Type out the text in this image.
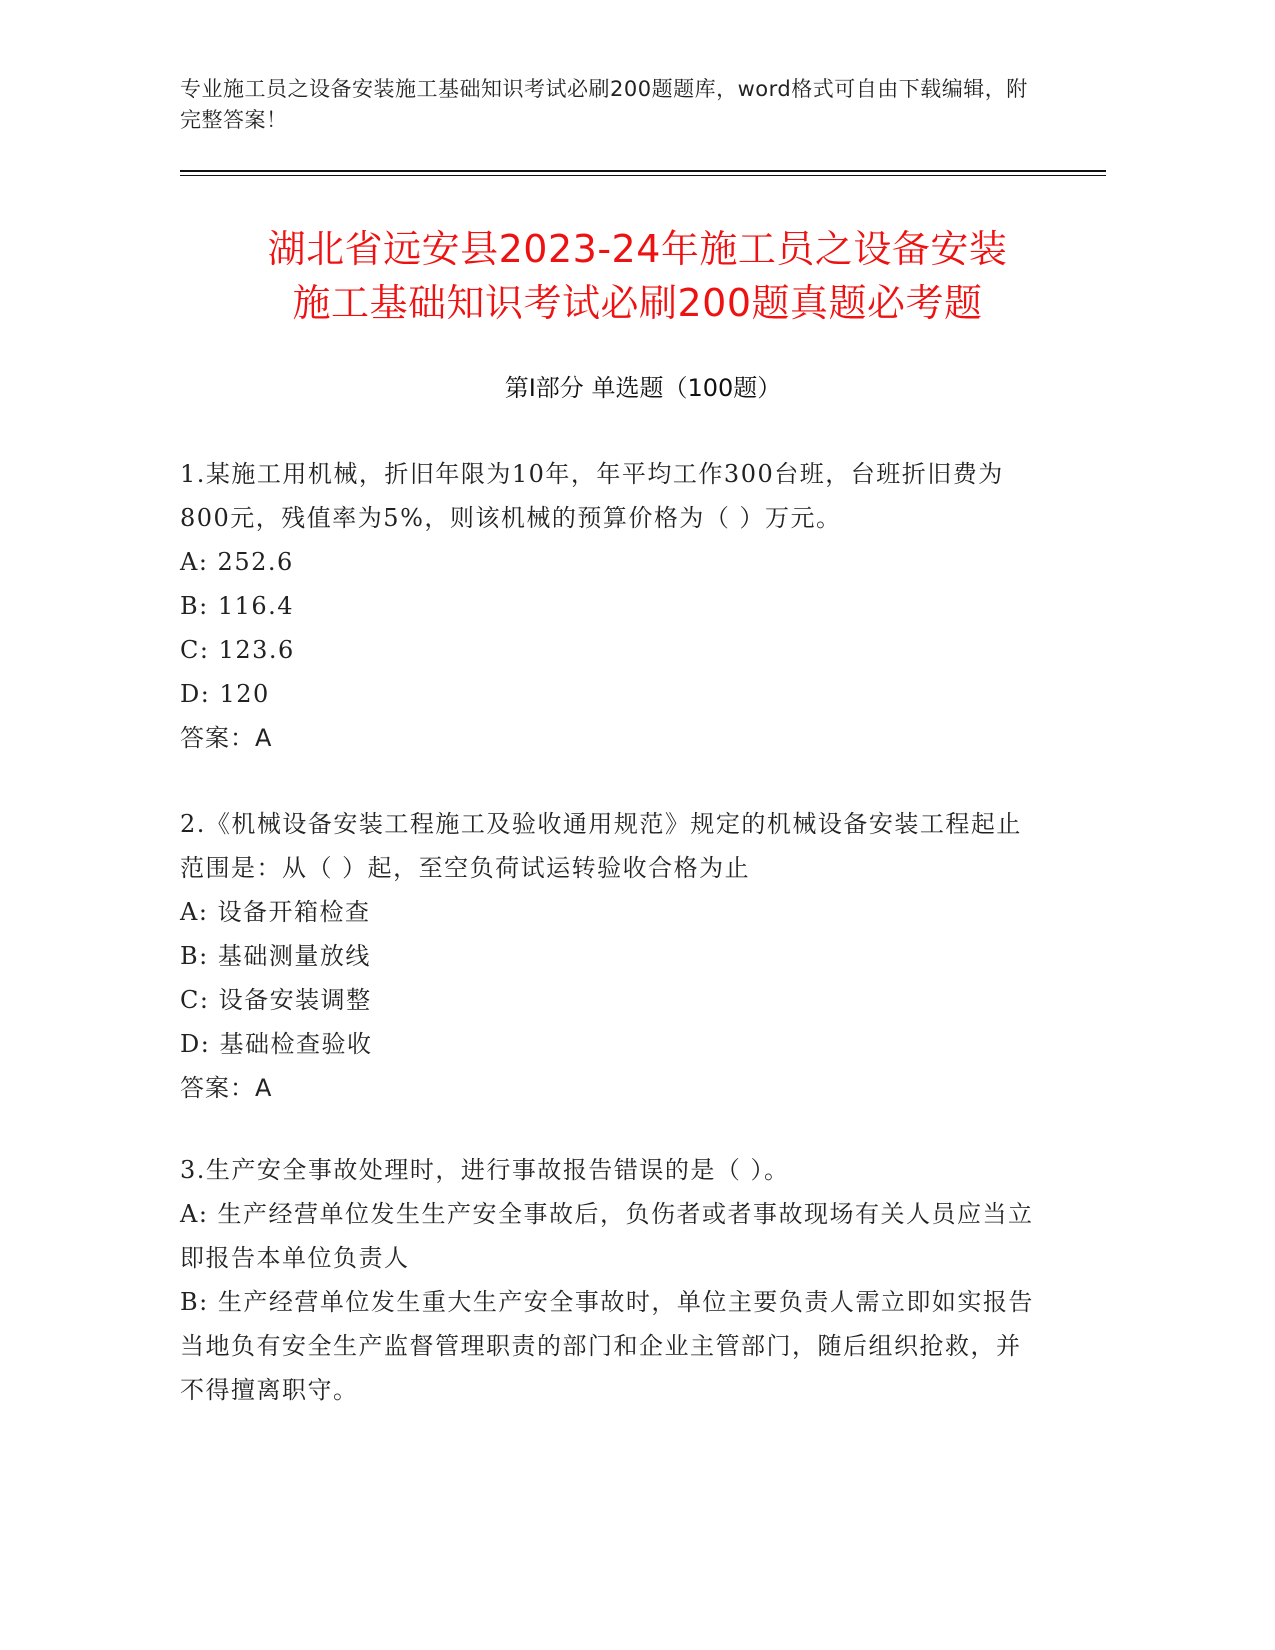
专业施工员之设备安装施工基础知识考试必刷200题题库，word格式可自由下载编辑，附完整答案！
湖北省远安县2023-24年施工员之设备安装
施工基础知识考试必刷200题真题必考题
第Ⅰ部分 单选题（100题）
1.某施工用机械，折旧年限为10年，年平均工作300台班，台班折旧费为800元，残值率为5%，则该机械的预算价格为（ ）万元。
A: 252.6
B: 116.4
C: 123.6
D: 120
答案：A
2.《机械设备安装工程施工及验收通用规范》规定的机械设备安装工程起止范围是：从（ ）起，至空负荷试运转验收合格为止
A: 设备开箱检查
B: 基础测量放线
C: 设备安装调整
D: 基础检查验收
答案：A
3.生产安全事故处理时，进行事故报告错误的是（ ）。
A: 生产经营单位发生生产安全事故后，负伤者或者事故现场有关人员应当立即报告本单位负责人
B: 生产经营单位发生重大生产安全事故时，单位主要负责人需立即如实报告当地负有安全生产监督管理职责的部门和企业主管部门，随后组织抢救，并不得擅离职守。
